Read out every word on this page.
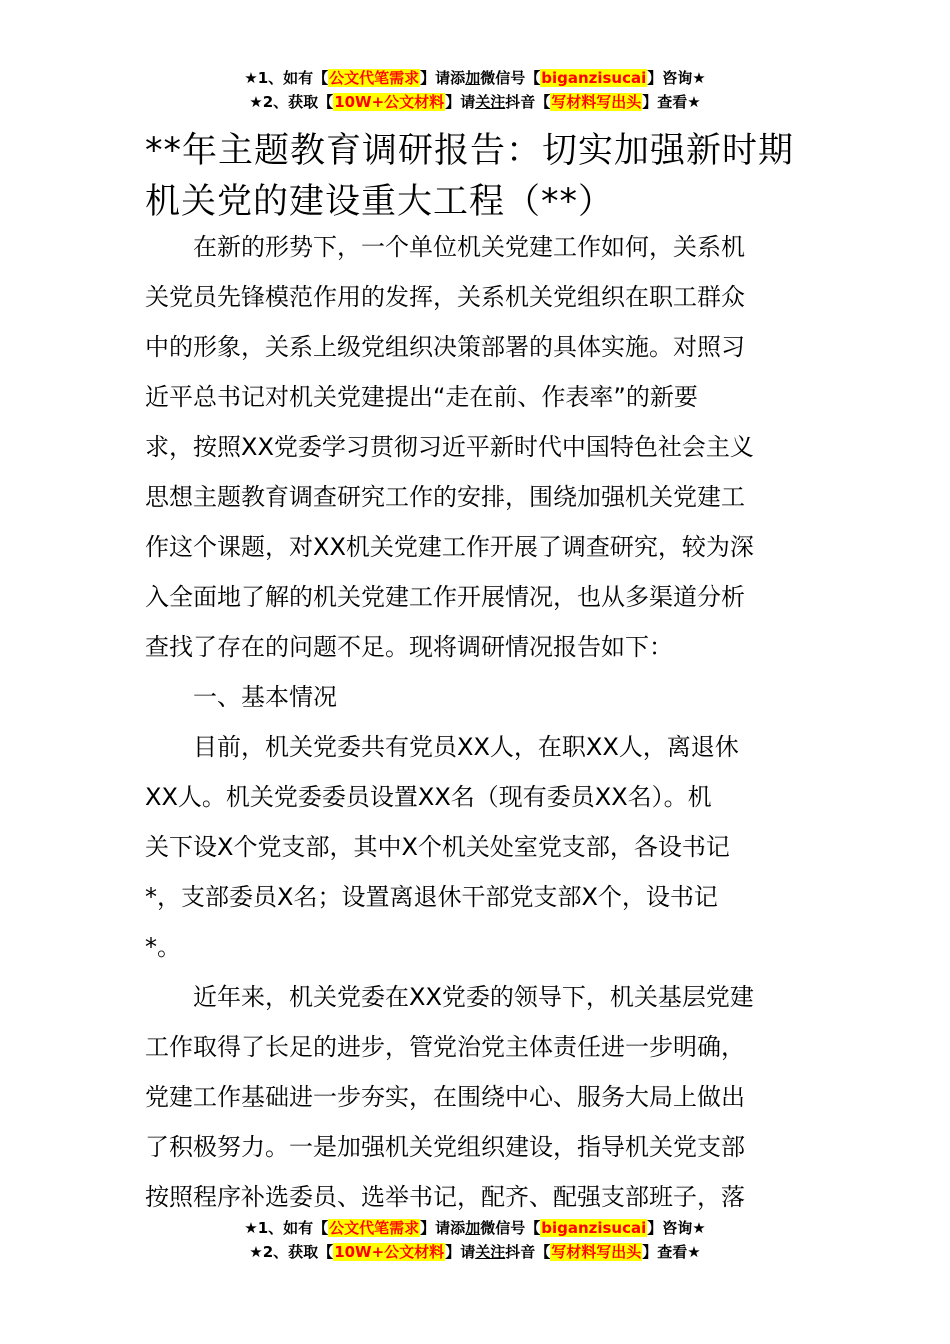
★1、如有【公文代笔需求】请添加微信号【biganzisucai】咨询★
★2、获取【10W+公文材料】请关注抖音【写材料写出头】查看★
**年主题教育调研报告：切实加强新时期
机关党的建设重大工程（**）
在新的形势下，一个单位机关党建工作如何，关系机
关党员先锋模范作用的发挥，关系机关党组织在职工群众
中的形象，关系上级党组织决策部署的具体实施。对照习
近平总书记对机关党建提出“走在前、作表率”的新要
求，按照XX党委学习贯彻习近平新时代中国特色社会主义
思想主题教育调查研究工作的安排，围绕加强机关党建工
作这个课题，对XX机关党建工作开展了调查研究，较为深
入全面地了解的机关党建工作开展情况，也从多渠道分析
查找了存在的问题不足。现将调研情况报告如下：
一、基本情况
目前，机关党委共有党员XX人，在职XX人，离退休
XX人。机关党委委员设置XX名（现有委员XX名）。机
关下设X个党支部，其中X个机关处室党支部，各设书记
*，支部委员X名；设置离退休干部党支部X个，设书记
*。
近年来，机关党委在XX党委的领导下，机关基层党建
工作取得了长足的进步，管党治党主体责任进一步明确，
党建工作基础进一步夯实，在围绕中心、服务大局上做出
了积极努力。一是加强机关党组织建设，指导机关党支部
按照程序补选委员、选举书记，配齐、配强支部班子，落
★1、如有【公文代笔需求】请添加微信号【biganzisucai】咨询★
★2、获取【10W+公文材料】请关注抖音【写材料写出头】查看★
